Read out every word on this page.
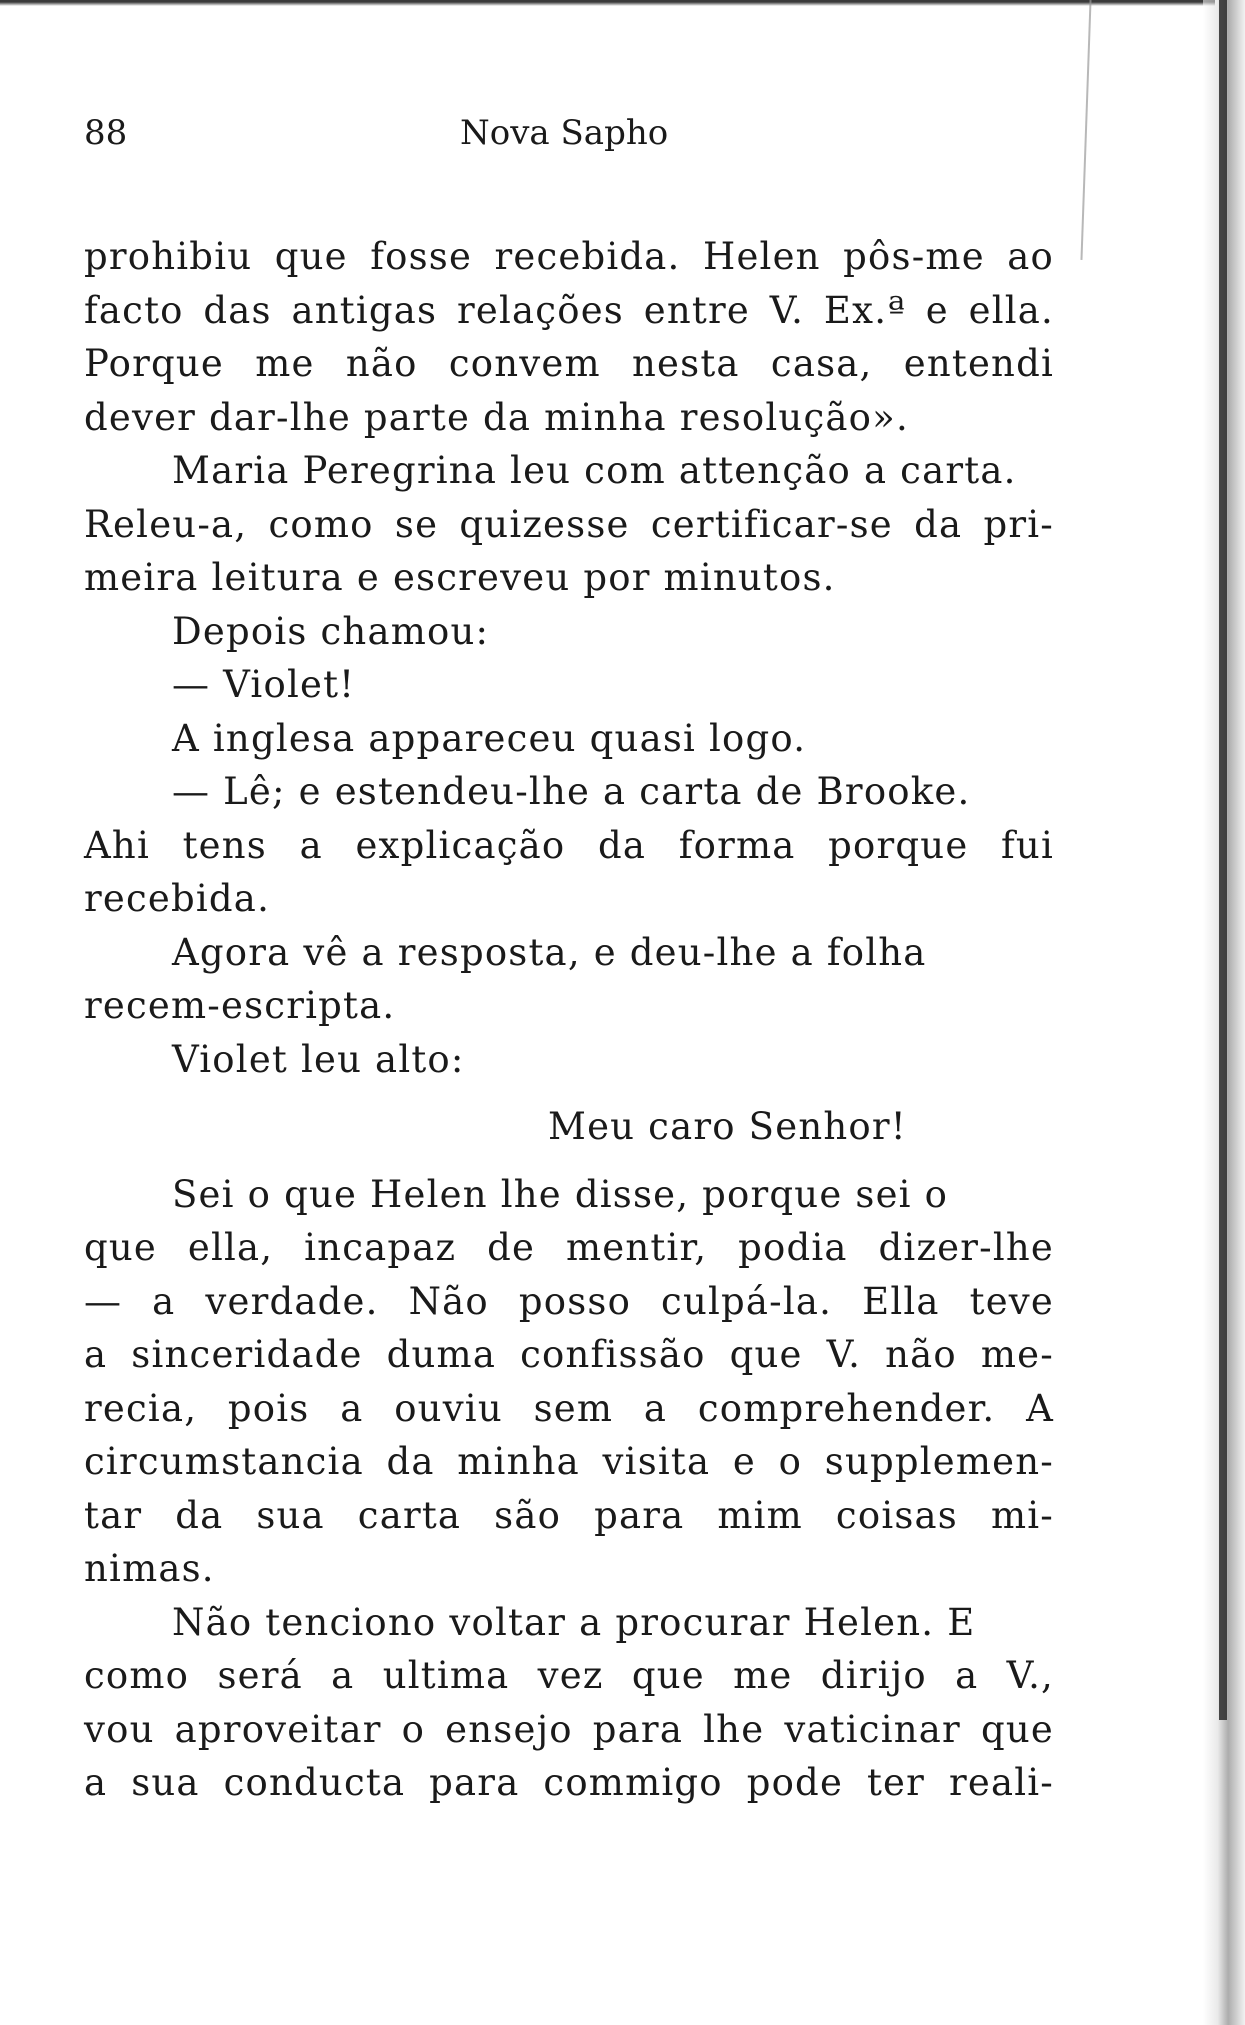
88	Nova Sapho
prohibiu que fosse recebida. Helen pôs-me ao
facto das antigas relações entre V. Ex.ª e ella.
Porque me não convem nesta casa, entendi
dever dar-lhe parte da minha resolução».
Maria Peregrina leu com attenção a carta.
Releu-a, como se quizesse certificar-se da pri-
meira leitura e escreveu por minutos.
Depois chamou:
— Violet!
A inglesa appareceu quasi logo.
— Lê; e estendeu-lhe a carta de Brooke.
Ahi tens a explicação da forma porque fui
recebida.
Agora vê a resposta, e deu-lhe a folha
recem-escripta.
Violet leu alto:
Meu caro Senhor!
Sei o que Helen lhe disse, porque sei o
que ella, incapaz de mentir, podia dizer-lhe
— a verdade. Não posso culpá-la. Ella teve
a sinceridade duma confissão que V. não me-
recia, pois a ouviu sem a comprehender. A
circumstancia da minha visita e o supplemen-
tar da sua carta são para mim coisas mi-
nimas.
Não tenciono voltar a procurar Helen. E
como será a ultima vez que me dirijo a V.,
vou aproveitar o ensejo para lhe vaticinar que
a sua conducta para commigo pode ter reali-
